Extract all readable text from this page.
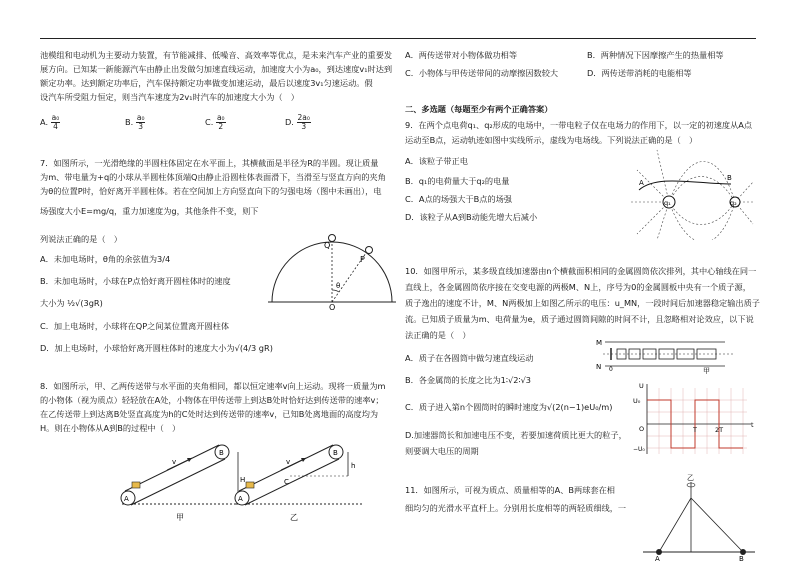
池模组和电动机为主要动力装置，有节能减排、低噪音、高效率等优点，是未来汽车产业的重要发
展方向。已知某一新能源汽车由静止出发做匀加速直线运动，加速度大小为a₀，到达速度v₁时达到
额定功率。达到额定功率后，汽车保持额定功率做变加速运动，最后以速度3v₁匀速运动。假
设汽车所受阻力恒定，则当汽车速度为2v₁时汽车的加速度大小为（　）
A. $\frac{\text{a₀}}{4}$	B. $\frac{\text{a₀}}{3}$	C. $\frac{\text{a₀}}{2}$	D. $\frac{\text{2a₀}}{3}$
7．如图所示，一光滑绝缘的半圆柱体固定在水平面上，其横截面是半径为R的半圆。现让质量
为m、带电量为+q的小球从半圆柱体顶端Q由静止沿圆柱体表面滑下，当滑至与竖直方向的夹角
为θ的位置P时，恰好离开半圆柱体。若在空间加上方向竖直向下的匀强电场（图中未画出），电
场强度大小E=mg/q，重力加速度为g，其他条件不变，则下
列说法正确的是（　）
A．未加电场时，θ角的余弦值为3/4
B．未加电场时，小球在P点恰好离开圆柱体时的速度
大小为 ½√(3gR)
C．加上电场时，小球将在QP之间某位置离开圆柱体
D．加上电场时，小球恰好离开圆柱体时的速度大小为√(4/3 gR)
Q
P
O
θ
8．如图所示，甲、乙两传送带与水平面的夹角相同，都以恒定速率v向上运动。现将一质量为m
的小物体（视为质点）轻轻放在A处，小物体在甲传送带上到达B处时恰好达到传送带的速率v；
在乙传送带上到达离B处竖直高度为h的C处时达到传送带的速率v，已知B处离地面的高度均为
H。则在小物体从A到B的过程中（　）
v
A
B
H
甲
v
A
B
C
h
乙
A．两传送带对小物体做功相等	B．两种情况下因摩擦产生的热量相等
C．小物体与甲传送带间的动摩擦因数较大	D．两传送带消耗的电能相等
二、多选题（每题至少有两个正确答案）
9．在两个点电荷q₁、q₂形成的电场中，一带电粒子仅在电场力的作用下，以一定的初速度从A点
运动至B点，运动轨迹如图中实线所示，虚线为电场线。下列说法正确的是（　）
A．该粒子带正电
B．q₁的电荷量大于q₂的电量
C．A点的场强大于B点的场强
D．该粒子从A到B动能先增大后减小
q₁	q₂
A
B
10．如图甲所示，某多级直线加速器由n个横截面积相同的金属圆筒依次排列，其中心轴线在同一
直线上，各金属圆筒依序接在交变电源的两极M、N上，序号为0的金属圆板中央有一个质子源，
质子逸出的速度不计，M、N两极加上如图乙所示的电压：u_MN，一段时间后加速器稳定输出质子
流。已知质子质量为m、电荷量为e，质子通过圆筒间隙的时间不计，且忽略相对论效应，以下说
法正确的是（　）
A．质子在各圆筒中做匀速直线运动
B．各金属筒的长度之比为1∶√2∶√3
C．质子进入第n个圆筒时的瞬时速度为√(2(n−1)eU₀/m)
D.加速器筒长和加速电压不变，若要加速荷质比更大的粒子，
则要调大电压的周期
M
N 0	甲
U
U₀
−U₀
O	T	2T
t
11．如图所示，可视为质点、质量相等的A、B两球套在相
细均匀的光滑水平直杆上。分别用长度相等的两轻质细线，一
乙
A	B
